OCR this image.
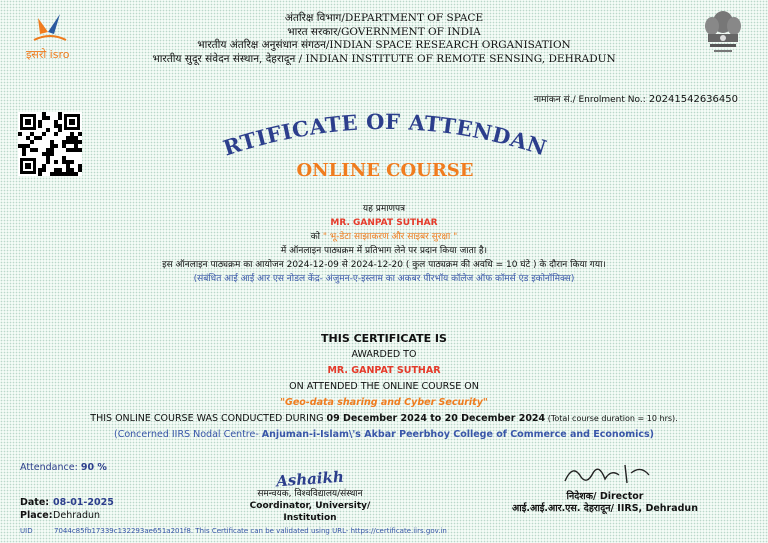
इसरो isro
अंतरिक्ष विभाग/DEPARTMENT OF SPACE
भारत सरकार/GOVERNMENT OF INDIA
भारतीय अंतरिक्ष अनुसंधान संगठन/INDIAN SPACE RESEARCH ORGANISATION
भारतीय सुदूर संवेदन संस्थान, देहरादून / INDIAN INSTITUTE OF REMOTE SENSING, DEHRADUN
नामांकन सं./ Enrolment No.: 20241542636450
RTIFICATE OF ATTENDAN
ONLINE COURSE
यह प्रमाणपत्र
MR. GANPAT SUTHAR
को " भू-डेटा साझाकरण और साइबर सुरक्षा "
में ऑनलाइन पाठ्यक्रम में प्रतिभाग लेने पर प्रदान किया जाता है।
इस ऑनलाइन पाठ्यक्रम का आयोजन 2024-12-09 से 2024-12-20 ( कुल पाठ्यक्रम की अवधि = 10 घंटे ) के दौरान किया गया।
(संबंधित आई आई आर एस नोडल केंद्र- अंजुमन-ए-इस्लाम का अकबर पीरभॉय कॉलेज ऑफ कॉमर्स एंड इकोनॉमिक्स)
THIS CERTIFICATE IS
AWARDED TO
MR. GANPAT SUTHAR
ON ATTENDED THE ONLINE COURSE ON
"Geo-data sharing and Cyber Security"
THIS ONLINE COURSE WAS CONDUCTED DURING 09 December 2024 to 20 December 2024 (Total course duration = 10 hrs).
(Concerned IIRS Nodal Centre- Anjuman-i-Islam\'s Akbar Peerbhoy College of Commerce and Economics)
Attendance: 90 %
Date: 08-01-2025
Place: Dehradun
UID	7044c85fb17339c132293ae651a201f8. This Certificate can be validated using URL- https://certificate.iirs.gov.in
Ashaikh
समन्वयक, विश्वविद्यालय/संस्थान
Coordinator, University/ Institution
निदेशक/ Director
आई.आई.आर.एस. देहरादून/ IIRS, Dehradun
